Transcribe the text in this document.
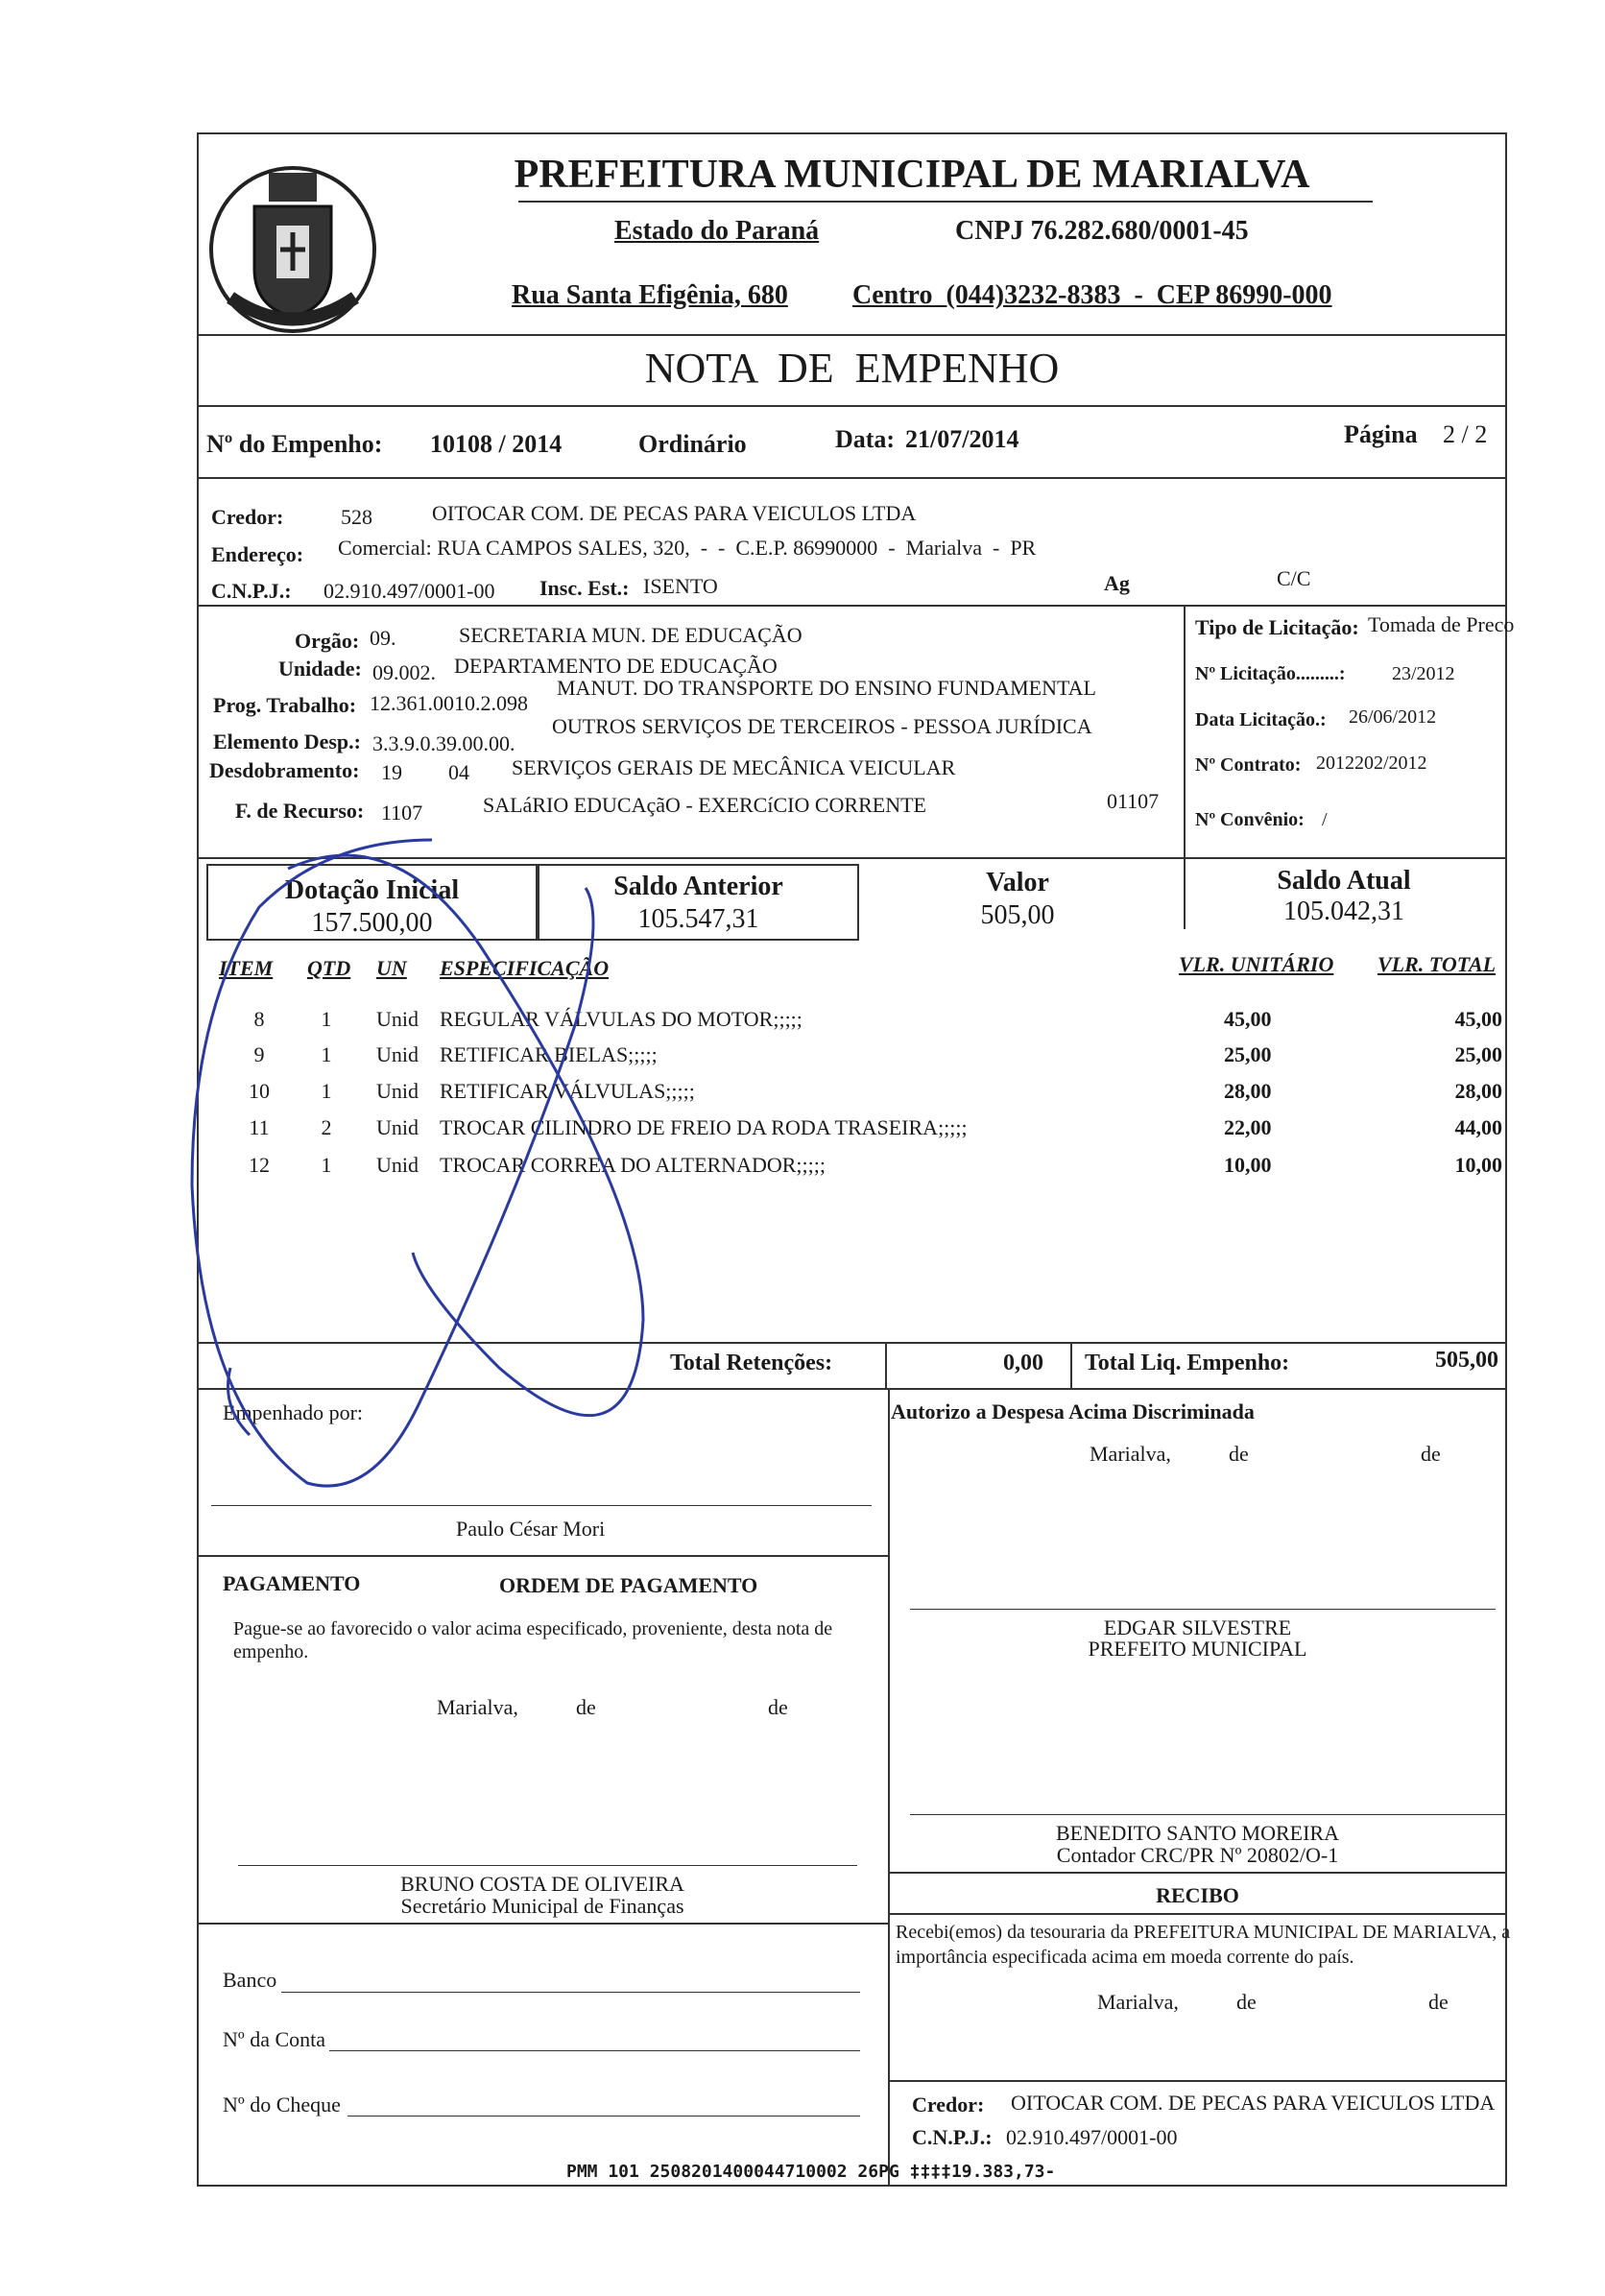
PREFEITURA MUNICIPAL DE MARIALVA
Estado do Paraná	CNPJ 76.282.680/0001-45
Rua Santa Efigênia, 680 Centro  (044)3232-8383  -  CEP 86990-000
NOTA  DE  EMPENHO
Nº do Empenho: 10108 / 2014	Ordinário	Data: 21/07/2014	Página 2 / 2
Credor:	528	OITOCAR COM. DE PECAS PARA VEICULOS LTDA
Endereço: Comercial: RUA CAMPOS SALES, 320,  -  -  C.E.P. 86990000  -  Marialva  -  PR
C.N.P.J.: 02.910.497/0001-00 Insc. Est.: ISENTO	Ag	C/C
Orgão: 09.	SECRETARIA MUN. DE EDUCAÇÃO
Unidade: 09.002. DEPARTAMENTO DE EDUCAÇÃO
Prog. Trabalho: 12.361.0010.2.098
MANUT. DO TRANSPORTE DO ENSINO FUNDAMENTAL
Elemento Desp.: 3.3.9.0.39.00.00.
OUTROS SERVIÇOS DE TERCEIROS - PESSOA JURÍDICA
Desdobramento: 19 04 SERVIÇOS GERAIS DE MECÂNICA VEICULAR
F. de Recurso: 1107	SALáRIO EDUCAçãO - EXERCíCIO CORRENTE	01107
Tipo de Licitação: Tomada de Preco
Nº Licitação.........: 23/2012
Data Licitação.: 26/06/2012
Nº Contrato: 2012202/2012
Nº Convênio: /
Dotação Inicial
157.500,00
Saldo Anterior
105.547,31
Valor
505,00
Saldo Atual
105.042,31
ITEM QTD UN ESPECIFICAÇÃO	VLR. UNITÁRIO VLR. TOTAL
8	1 Unid	REGULAR VÁLVULAS DO MOTOR;;;;;	45,00	45,00
9	1 Unid	RETIFICAR BIELAS;;;;;	25,00	25,00
10 1 Unid	RETIFICAR VÁLVULAS;;;;;	28,00	28,00
11 2 Unid	TROCAR CILINDRO DE FREIO DA RODA TRASEIRA;;;;;	22,00	44,00
12 1 Unid	TROCAR CORREA DO ALTERNADOR;;;;;	10,00	10,00
Total Retenções:	0,00 Total Liq. Empenho:	505,00
Empenhado por:
Paulo César Mori
Autorizo a Despesa Acima Discriminada
Marialva,	de	de
EDGAR SILVESTRE
PREFEITO MUNICIPAL
PAGAMENTO	ORDEM DE PAGAMENTO
Pague-se ao favorecido o valor acima especificado, proveniente, desta nota de empenho.
Marialva,	de	de
BRUNO COSTA DE OLIVEIRA
Secretário Municipal de Finanças
BENEDITO SANTO MOREIRA
Contador CRC/PR Nº 20802/O-1
RECIBO
Recebi(emos) da tesouraria da PREFEITURA MUNICIPAL DE MARIALVA, a importância especificada acima em moeda corrente do país.
Marialva,	de	de
Credor: OITOCAR COM. DE PECAS PARA VEICULOS LTDA
C.N.P.J.: 02.910.497/0001-00
Banco
Nº da Conta
Nº do Cheque
PMM 101 2508201400044710002 26PG ‡‡‡‡19.383,73-
